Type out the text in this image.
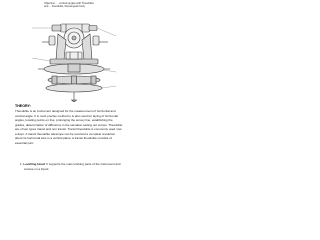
Objective: ... vertical angles with Theodolite
and ... theodolite, Rectangular body
THEORY:
Theodolite is an instrument designed for the measurement of horizontal and
vertical angle. It is most precise method to is also used for laying of horizontal
angles, locating points on line, prolonging the survey line, establishing the
grades, determination of difference in the elevation setting out curves. Theodolite
are of two types transit and non transit. Transit theodolite is commonly used now
a days. A transit theodolite telescope can be revolved a complete revolution
about its horizontal axis in a vertical plane. A transit theodolite consists of
essential part:
1. Levelling Head: It supports the main working parts of the instrument and
screws on a tripod.
